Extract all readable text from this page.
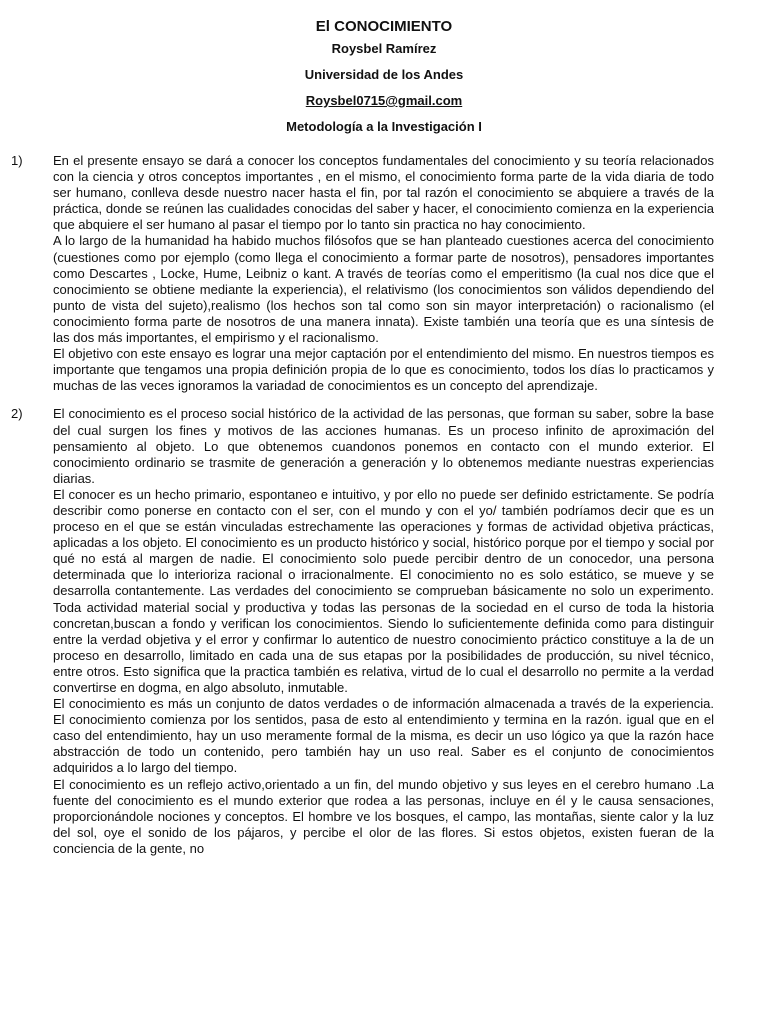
El CONOCIMIENTO
Roysbel Ramírez
Universidad de los Andes
Roysbel0715@gmail.com
Metodología a la Investigación I
1) En el presente ensayo se dará a conocer los conceptos fundamentales del conocimiento y su teoría relacionados con la ciencia y otros conceptos importantes , en el mismo, el conocimiento forma parte de la vida diaria de todo ser humano, conlleva desde nuestro nacer hasta el fin, por tal razón el conocimiento se abquiere a través de la práctica, donde se reúnen las cualidades conocidas del saber y hacer, el conocimiento comienza en la experiencia que abquiere el ser humano al pasar el tiempo por lo tanto sin practica no hay conocimiento.

A lo largo de la humanidad ha habido muchos filósofos que se han planteado cuestiones acerca del conocimiento (cuestiones como por ejemplo (como llega el conocimiento a formar parte de nosotros), pensadores importantes como Descartes , Locke, Hume, Leibniz o kant. A través de teorías como el emperitismo (la cual nos dice que el conocimiento se obtiene mediante la experiencia), el relativismo (los conocimientos son válidos dependiendo del punto de vista del sujeto),realismo (los hechos son tal como son sin mayor interpretación) o racionalismo (el conocimiento forma parte de nosotros de una manera innata). Existe también una teoría que es una síntesis de las dos más importantes, el empirismo y el racionalismo.

El objetivo con este ensayo es lograr una mejor captación por el entendimiento del mismo. En nuestros tiempos es importante que tengamos una propia definición propia de lo que es conocimiento, todos los días lo practicamos y muchas de las veces ignoramos la variadad de conocimientos es un concepto del aprendizaje.

2) El conocimiento es el proceso social histórico de la actividad de las personas, que forman su saber, sobre la base del cual surgen los fines y motivos de las acciones humanas. Es un proceso infinito de aproximación del pensamiento al objeto. Lo que obtenemos cuandonos ponemos en contacto con el mundo exterior. El conocimiento ordinario se trasmite de generación a generación y lo obtenemos mediante nuestras experiencias diarias.

El conocer es un hecho primario, espontaneo e intuitivo, y por ello no puede ser definido estrictamente. Se podría describir como ponerse en contacto con el ser, con el mundo y con el yo/ también podríamos decir que es un proceso en el que se están vinculadas estrechamente las operaciones y formas de actividad objetiva prácticas, aplicadas a los objeto. El conocimiento es un producto histórico y social, histórico porque por el tiempo y social por qué no está al margen de nadie. El conocimiento solo puede percibir dentro de un conocedor, una persona determinada que lo interioriza racional o irracionalmente. El conocimiento no es solo estático, se mueve y se desarrolla contantemente. Las verdades del conocimiento se comprueban básicamente no solo un experimento. Toda actividad material social y productiva y todas las personas de la sociedad en el curso de toda la historia concretan,buscan a fondo y verifican los conocimientos. Siendo lo suficientemente definida como para distinguir entre la verdad objetiva y el error y confirmar lo autentico de nuestro conocimiento práctico constituye a la de un proceso en desarrollo, limitado en cada una de sus etapas por la posibilidades de producción, su nivel técnico, entre otros. Esto significa que la practica también es relativa, virtud de lo cual el desarrollo no permite a la verdad convertirse en dogma, en algo absoluto, inmutable.

El conocimiento es más un conjunto de datos verdades o de información almacenada a través de la experiencia. El conocimiento comienza por los sentidos, pasa de esto al entendimiento y termina en la razón. igual que en el caso del entendimiento, hay un uso meramente formal de la misma, es decir un uso lógico ya que la razón hace abstracción de todo un contenido, pero también hay un uso real. Saber es el conjunto de conocimientos adquiridos a lo largo del tiempo.

El conocimiento es un reflejo activo,orientado a un fin, del mundo objetivo y sus leyes en el cerebro humano .La fuente del conocimiento es el mundo exterior que rodea a las personas, incluye en él y le causa sensaciones, proporcionándole nociones y conceptos. El hombre ve los bosques, el campo, las montañas, siente calor y la luz del sol, oye el sonido de los pájaros, y percibe el olor de las flores. Si estos objetos, existen fueran de la conciencia de la gente, no
